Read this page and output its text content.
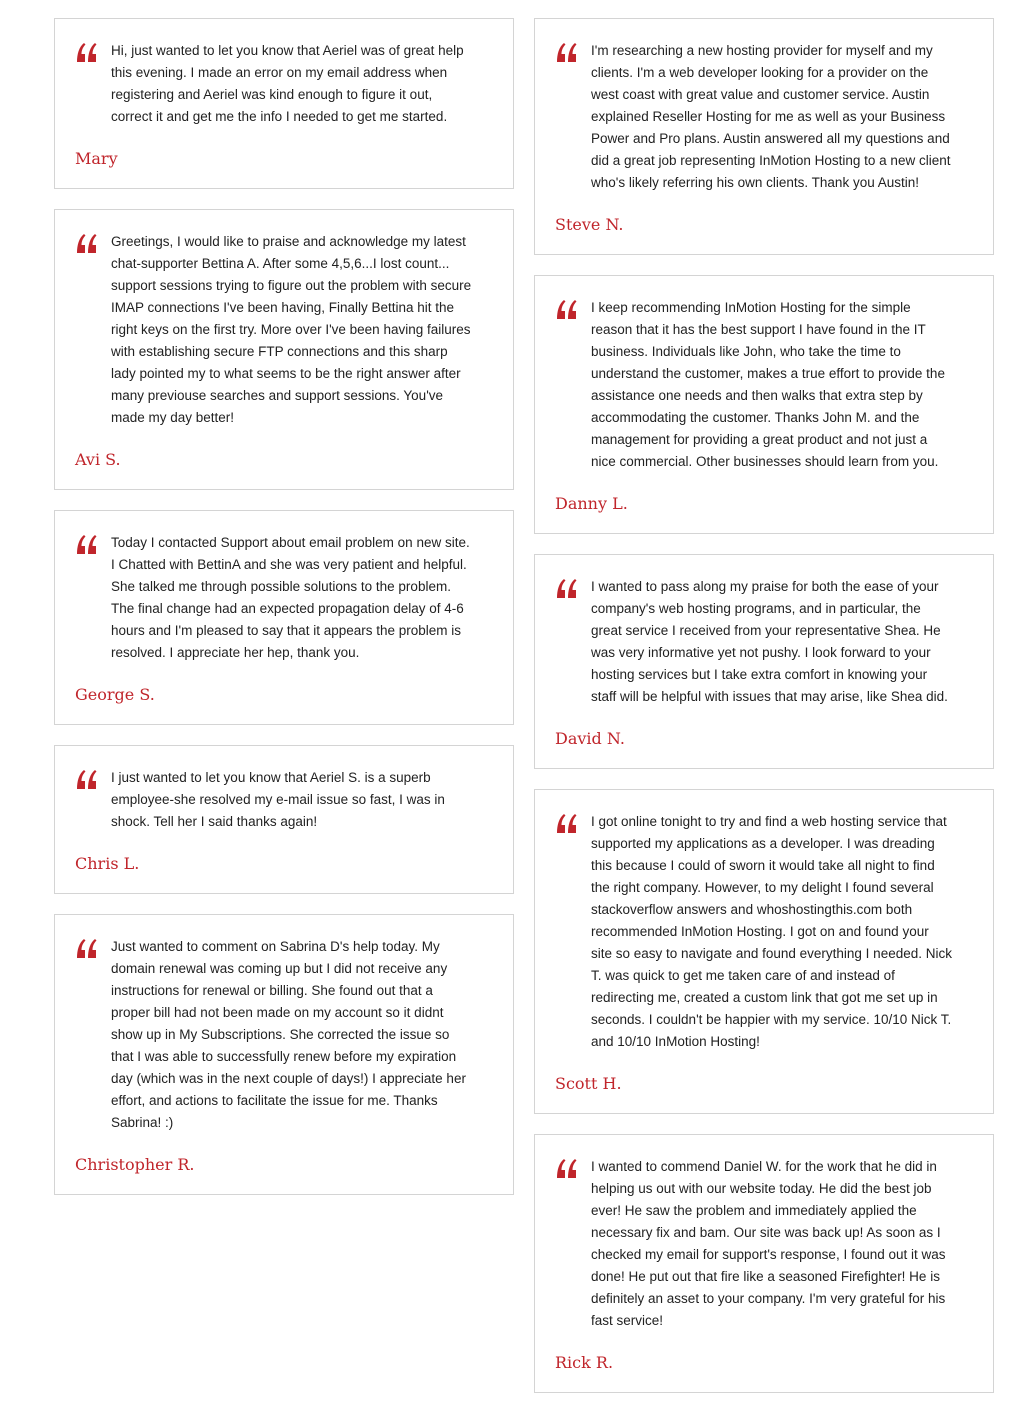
Hi, just wanted to let you know that Aeriel was of great help this evening. I made an error on my email address when registering and Aeriel was kind enough to figure it out, correct it and get me the info I needed to get me started.

Mary

Greetings, I would like to praise and acknowledge my latest chat-supporter Bettina A. After some 4,5,6...I lost count... support sessions trying to figure out the problem with secure IMAP connections I've been having, Finally Bettina hit the right keys on the first try. More over I've been having failures with establishing secure FTP connections and this sharp lady pointed my to what seems to be the right answer after many previouse searches and support sessions. You've made my day better!

Avi S.

Today I contacted Support about email problem on new site. I Chatted with BettinA and she was very patient and helpful. She talked me through possible solutions to the problem. The final change had an expected propagation delay of 4-6 hours and I'm pleased to say that it appears the problem is resolved. I appreciate her hep, thank you.

George S.

I just wanted to let you know that Aeriel S. is a superb employee-she resolved my e-mail issue so fast, I was in shock. Tell her I said thanks again!

Chris L.

Just wanted to comment on Sabrina D's help today. My domain renewal was coming up but I did not receive any instructions for renewal or billing. She found out that a proper bill had not been made on my account so it didnt show up in My Subscriptions. She corrected the issue so that I was able to successfully renew before my expiration day (which was in the next couple of days!) I appreciate her effort, and actions to facilitate the issue for me. Thanks Sabrina! :)

Christopher R.

I'm researching a new hosting provider for myself and my clients. I'm a web developer looking for a provider on the west coast with great value and customer service. Austin explained Reseller Hosting for me as well as your Business Power and Pro plans. Austin answered all my questions and did a great job representing InMotion Hosting to a new client who's likely referring his own clients. Thank you Austin!

Steve N.

I keep recommending InMotion Hosting for the simple reason that it has the best support I have found in the IT business. Individuals like John, who take the time to understand the customer, makes a true effort to provide the assistance one needs and then walks that extra step by accommodating the customer. Thanks John M. and the management for providing a great product and not just a nice commercial. Other businesses should learn from you.

Danny L.

I wanted to pass along my praise for both the ease of your company's web hosting programs, and in particular, the great service I received from your representative Shea. He was very informative yet not pushy. I look forward to your hosting services but I take extra comfort in knowing your staff will be helpful with issues that may arise, like Shea did.

David N.

I got online tonight to try and find a web hosting service that supported my applications as a developer. I was dreading this because I could of sworn it would take all night to find the right company. However, to my delight I found several stackoverflow answers and whoshostingthis.com both recommended InMotion Hosting. I got on and found your site so easy to navigate and found everything I needed. Nick T. was quick to get me taken care of and instead of redirecting me, created a custom link that got me set up in seconds. I couldn't be happier with my service. 10/10 Nick T. and 10/10 InMotion Hosting!

Scott H.

I wanted to commend Daniel W. for the work that he did in helping us out with our website today. He did the best job ever! He saw the problem and immediately applied the necessary fix and bam. Our site was back up! As soon as I checked my email for support's response, I found out it was done! He put out that fire like a seasoned Firefighter! He is definitely an asset to your company. I'm very grateful for his fast service!

Rick R.
